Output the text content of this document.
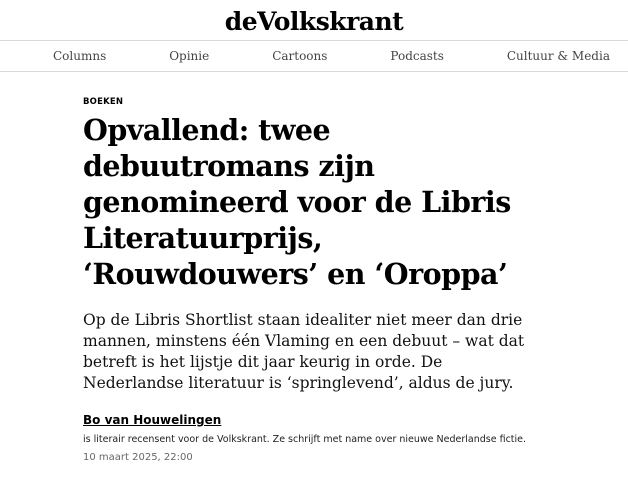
deVolkskrant
Columns	Opinie	Cartoons	Podcasts	Cultuur & Media
BOEKEN
Opvallend: twee debuutromans zijn genomineerd voor de Libris Literatuurprijs, ‘Rouwdouwers’ en ‘Oroppa’

Op de Libris Shortlist staan idealiter niet meer dan drie mannen, minstens één Vlaming en een debuut – wat dat betreft is het lijstje dit jaar keurig in orde. De Nederlandse literatuur is ‘springlevend’, aldus de jury.

Bo van Houwelingen
is literair recensent voor de Volkskrant. Ze schrijft met name over nieuwe Nederlandse fictie.
10 maart 2025, 22:00
